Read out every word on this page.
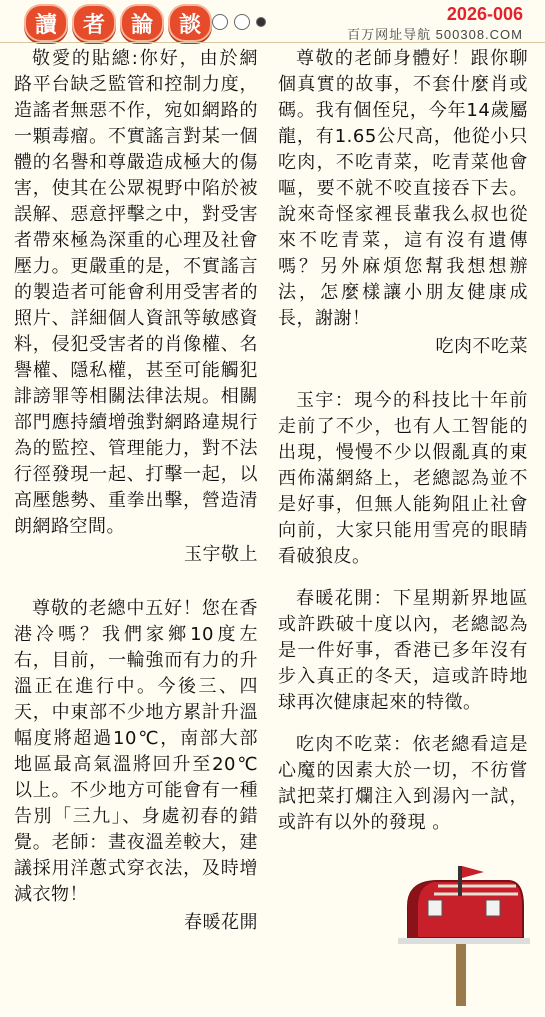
讀	者	論	談	2026-006
百万网址导航 500308.COM

敬愛的貼總:你好，由於網路平台缺乏監管和控制力度，造謠者無惡不作，宛如網路的一顆毒瘤。不實謠言對某一個體的名譽和尊嚴造成極大的傷害，使其在公眾視野中陷於被誤解、惡意抨擊之中，對受害者帶來極為深重的心理及社會壓力。更嚴重的是，不實謠言的製造者可能會利用受害者的照片、詳細個人資訊等敏感資料，侵犯受害者的肖像權、名譽權、隱私權，甚至可能觸犯誹謗罪等相關法律法規。相關部門應持續增強對網路違規行為的監控、管理能力，對不法行徑發現一起、打擊一起，以高壓態勢、重拳出擊，營造清朗網路空間。

玉宇敬上

尊敬的老總中五好！您在香港冷嗎？我們家鄉10度左右，目前，一輪強而有力的升溫正在進行中。今後三、四天，中東部不少地方累計升溫幅度將超過10℃，南部大部地區最高氣溫將回升至20℃以上。不少地方可能會有一種告別「三九」、身處初春的錯覺。老師：晝夜溫差較大，建議採用洋蔥式穿衣法，及時增減衣物！

春暖花開

尊敬的老師身體好！跟你聊個真實的故事，不套什麼肖或碼。我有個侄兒，今年14歲屬龍，有1.65公尺高，他從小只吃肉，不吃青菜，吃青菜他會嘔，要不就不咬直接吞下去。說來奇怪家裡長輩我么叔也從來不吃青菜，這有沒有遺傳嗎？另外麻煩您幫我想想辦法，怎麼樣讓小朋友健康成長，謝謝！

吃肉不吃菜

玉宇：現今的科技比十年前走前了不少，也有人工智能的出現，慢慢不少以假亂真的東西佈滿網絡上，老總認為並不是好事，但無人能夠阻止社會向前，大家只能用雪亮的眼睛看破狼皮。

春暖花開：下星期新界地區或許跌破十度以內，老總認為是一件好事，香港已多年沒有步入真正的冬天，這或許時地球再次健康起來的特徵。

吃肉不吃菜：依老總看這是心魔的因素大於一切，不彷嘗試把菜打爛注入到湯內一試，或許有以外的發現 。
